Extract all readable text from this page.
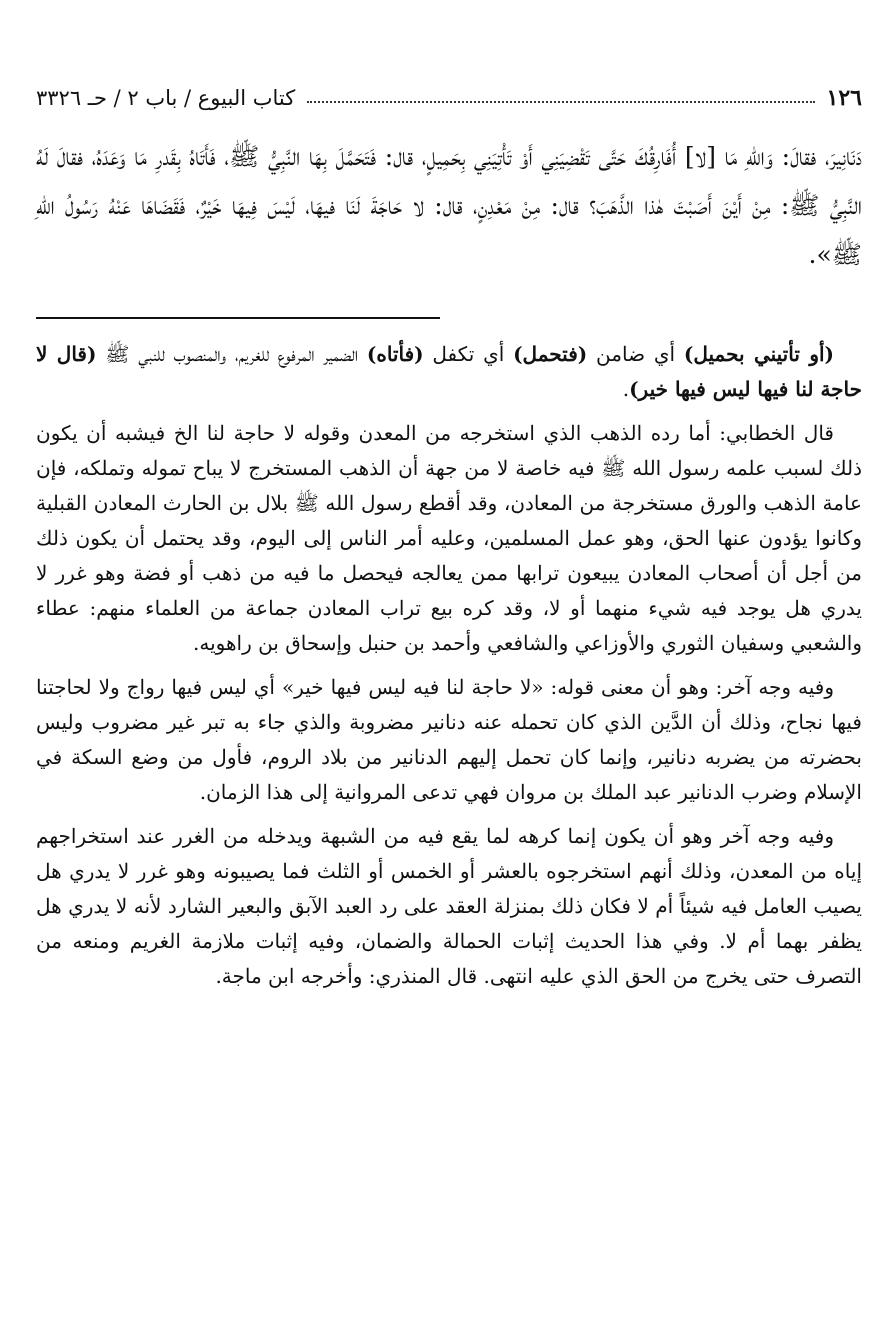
١٢٦
كتاب البيوع / باب ٢ / حـ ٣٣٢٦

دَنَانِيرَ، فقالَ: وَاللهِ مَا [لا] أُفَارِقُكَ حَتَّى تَقْضِيَنِي أَوْ تَأْتِيَنِي بِحَمِيلٍ، قال: فَتَحَمَّلَ بِهَا النَّبِيُّ ﷺ، فَأَتَاهُ بِقَدرِ مَا وَعَدَهُ، فقالَ لَهُ النَّبِيُّ ﷺ: مِنْ أَيْنَ أَصَبْتَ هٰذا الذَّهَبَ؟ قال: مِنْ مَعْدِنٍ، قال: لا حَاجَةَ لَنَا فيهَا، لَيْسَ فِيهَا خَيْرٌ، فَقَضَاهَا عَنْهُ رَسُولُ اللهِ ﷺ».

(أو تأتيني بحميل) أي ضامن (فتحمل) أي تكفل (فأتاه) الضمير المرفوع للغريم، والمنصوب للنبي ﷺ (قال لا حاجة لنا فيها ليس فيها خير).

قال الخطابي: أما رده الذهب الذي استخرجه من المعدن وقوله لا حاجة لنا الخ فيشبه أن يكون ذلك لسبب علمه رسول الله ﷺ فيه خاصة لا من جهة أن الذهب المستخرج لا يباح تموله وتملكه، فإن عامة الذهب والورق مستخرجة من المعادن، وقد أقطع رسول الله ﷺ بلال بن الحارث المعادن القبلية وكانوا يؤدون عنها الحق، وهو عمل المسلمين، وعليه أمر الناس إلى اليوم، وقد يحتمل أن يكون ذلك من أجل أن أصحاب المعادن يبيعون ترابها ممن يعالجه فيحصل ما فيه من ذهب أو فضة وهو غرر لا يدري هل يوجد فيه شيء منهما أو لا، وقد كره بيع تراب المعادن جماعة من العلماء منهم: عطاء والشعبي وسفيان الثوري والأوزاعي والشافعي وأحمد بن حنبل وإسحاق بن راهويه.

وفيه وجه آخر: وهو أن معنى قوله: «لا حاجة لنا فيه ليس فيها خير» أي ليس فيها رواج ولا لحاجتنا فيها نجاح، وذلك أن الدَّين الذي كان تحمله عنه دنانير مضروبة والذي جاء به تبر غير مضروب وليس بحضرته من يضربه دنانير، وإنما كان تحمل إليهم الدنانير من بلاد الروم، فأول من وضع السكة في الإسلام وضرب الدنانير عبد الملك بن مروان فهي تدعى المروانية إلى هذا الزمان.

وفيه وجه آخر وهو أن يكون إنما كرهه لما يقع فيه من الشبهة ويدخله من الغرر عند استخراجهم إياه من المعدن، وذلك أنهم استخرجوه بالعشر أو الخمس أو الثلث فما يصيبونه وهو غرر لا يدري هل يصيب العامل فيه شيئاً أم لا فكان ذلك بمنزلة العقد على رد العبد الآبق والبعير الشارد لأنه لا يدري هل يظفر بهما أم لا. وفي هذا الحديث إثبات الحمالة والضمان، وفيه إثبات ملازمة الغريم ومنعه من التصرف حتى يخرج من الحق الذي عليه انتهى. قال المنذري: وأخرجه ابن ماجة.
